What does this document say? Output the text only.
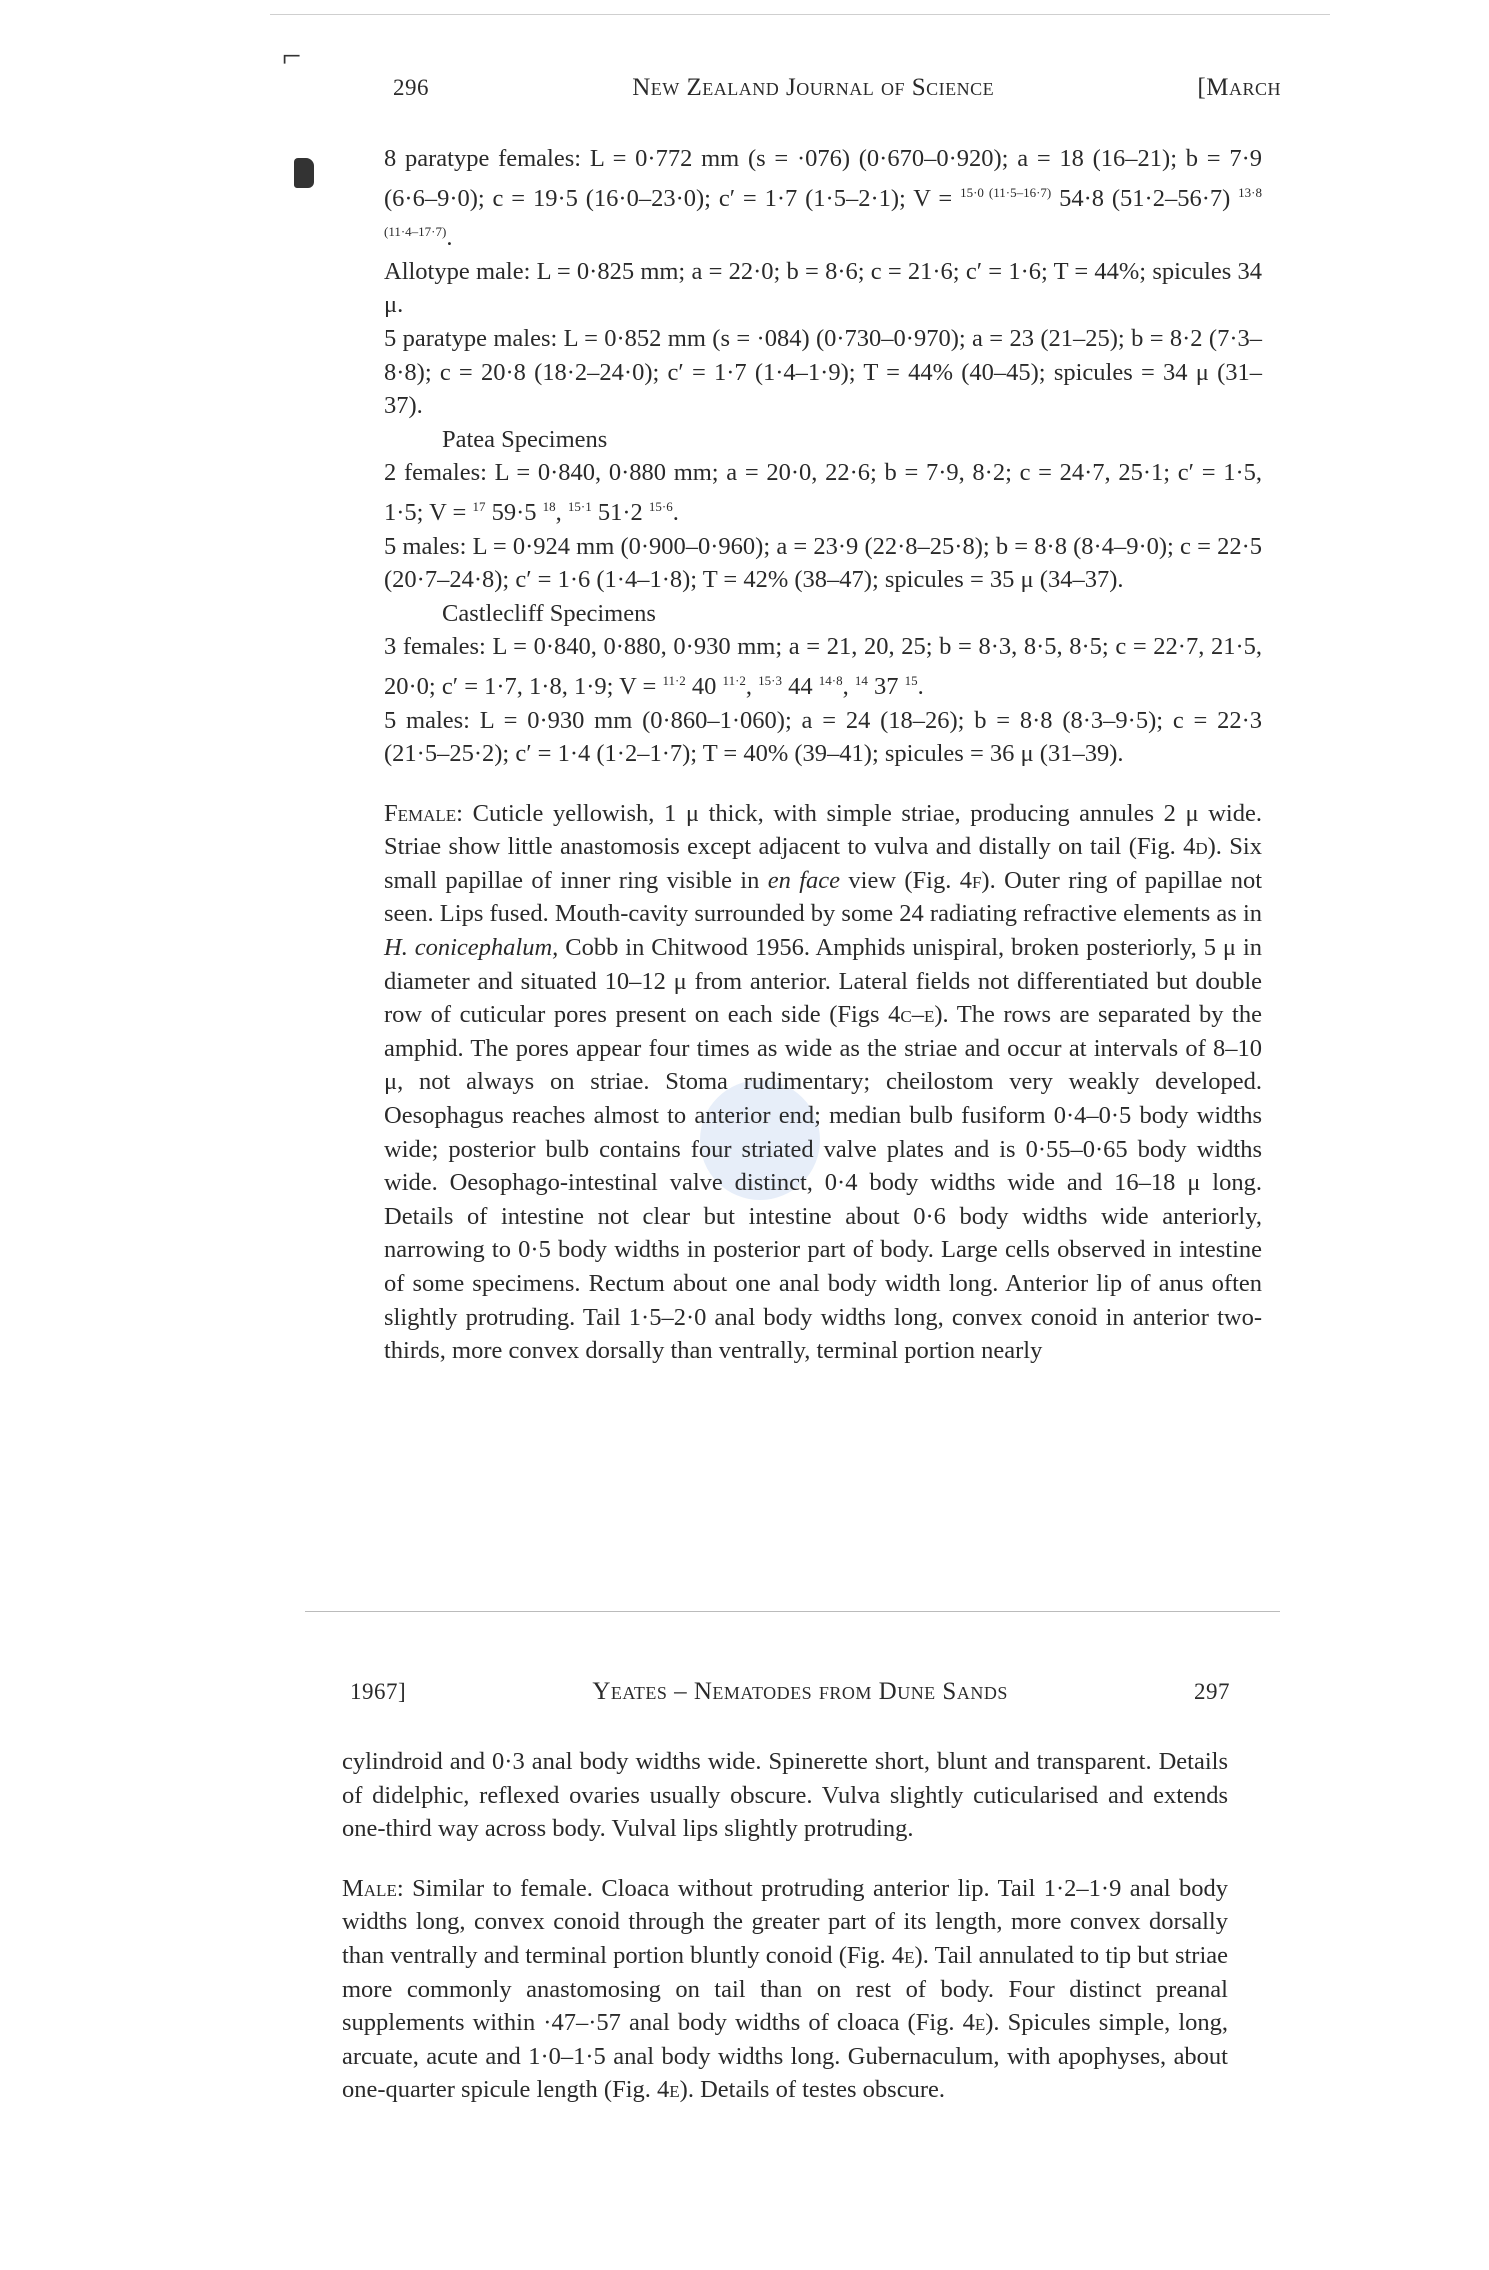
⌐
296	New Zealand Journal of Science	[March

8 paratype females: L = 0·772 mm (s = ·076) (0·670–0·920); a = 18 (16–21); b = 7·9 (6·6–9·0); c = 19·5 (16·0–23·0); c′ = 1·7 (1·5–2·1); V = $^{15\cdot 0 (11\cdot 5-16\cdot 7)}$ 54·8 (51·2–56·7) $^{13\cdot 8 (11\cdot 4-17\cdot 7)}$.

Allotype male: L = 0·825 mm; a = 22·0; b = 8·6; c = 21·6; c′ = 1·6; T = 44%; spicules 34 μ.

5 paratype males: L = 0·852 mm (s = ·084) (0·730–0·970); a = 23 (21–25); b = 8·2 (7·3–8·8); c = 20·8 (18·2–24·0); c′ = 1·7 (1·4–1·9); T = 44% (40–45); spicules = 34 μ (31–37).

Patea Specimens

2 females: L = 0·840, 0·880 mm; a = 20·0, 22·6; b = 7·9, 8·2; c = 24·7, 25·1; c′ = 1·5, 1·5; V = $^{17}$ 59·5 $^{18}$, $^{15\cdot 1}$ 51·2 $^{15\cdot 6}$.

5 males: L = 0·924 mm (0·900–0·960); a = 23·9 (22·8–25·8); b = 8·8 (8·4–9·0); c = 22·5 (20·7–24·8); c′ = 1·6 (1·4–1·8); T = 42% (38–47); spicules = 35 μ (34–37).

Castlecliff Specimens

3 females: L = 0·840, 0·880, 0·930 mm; a = 21, 20, 25; b = 8·3, 8·5, 8·5; c = 22·7, 21·5, 20·0; c′ = 1·7, 1·8, 1·9; V = $^{11\cdot 2}$ 40 $^{11\cdot 2}$, $^{15\cdot 3}$ 44 $^{14\cdot 8}$, $^{14}$ 37 $^{15}$.

5 males: L = 0·930 mm (0·860–1·060); a = 24 (18–26); b = 8·8 (8·3–9·5); c = 22·3 (21·5–25·2); c′ = 1·4 (1·2–1·7); T = 40% (39–41); spicules = 36 μ (31–39).

Female: Cuticle yellowish, 1 μ thick, with simple striae, producing annules 2 μ wide. Striae show little anastomosis except adjacent to vulva and distally on tail (Fig. 4d). Six small papillae of inner ring visible in en face view (Fig. 4f). Outer ring of papillae not seen. Lips fused. Mouth-cavity surrounded by some 24 radiating refractive elements as in H. conicephalum, Cobb in Chitwood 1956. Amphids unispiral, broken posteriorly, 5 μ in diameter and situated 10–12 μ from anterior. Lateral fields not differentiated but double row of cuticular pores present on each side (Figs 4c–e). The rows are separated by the amphid. The pores appear four times as wide as the striae and occur at intervals of 8–10 μ, not always on striae. Stoma rudimentary; cheilostom very weakly developed. Oesophagus reaches almost to anterior end; median bulb fusiform 0·4–0·5 body widths wide; posterior bulb contains four striated valve plates and is 0·55–0·65 body widths wide. Oesophago-intestinal valve distinct, 0·4 body widths wide and 16–18 μ long. Details of intestine not clear but intestine about 0·6 body widths wide anteriorly, narrowing to 0·5 body widths in posterior part of body. Large cells observed in intestine of some specimens. Rectum about one anal body width long. Anterior lip of anus often slightly protruding. Tail 1·5–2·0 anal body widths long, convex conoid in anterior two-thirds, more convex dorsally than ventrally, terminal portion nearly

1967]	Yeates – Nematodes from Dune Sands	297

cylindroid and 0·3 anal body widths wide. Spinerette short, blunt and transparent. Details of didelphic, reflexed ovaries usually obscure. Vulva slightly cuticularised and extends one-third way across body. Vulval lips slightly protruding.

Male: Similar to female. Cloaca without protruding anterior lip. Tail 1·2–1·9 anal body widths long, convex conoid through the greater part of its length, more convex dorsally than ventrally and terminal portion bluntly conoid (Fig. 4e). Tail annulated to tip but striae more commonly anastomosing on tail than on rest of body. Four distinct preanal supplements within ·47–·57 anal body widths of cloaca (Fig. 4e). Spicules simple, long, arcuate, acute and 1·0–1·5 anal body widths long. Gubernaculum, with apophyses, about one-quarter spicule length (Fig. 4e). Details of testes obscure.
